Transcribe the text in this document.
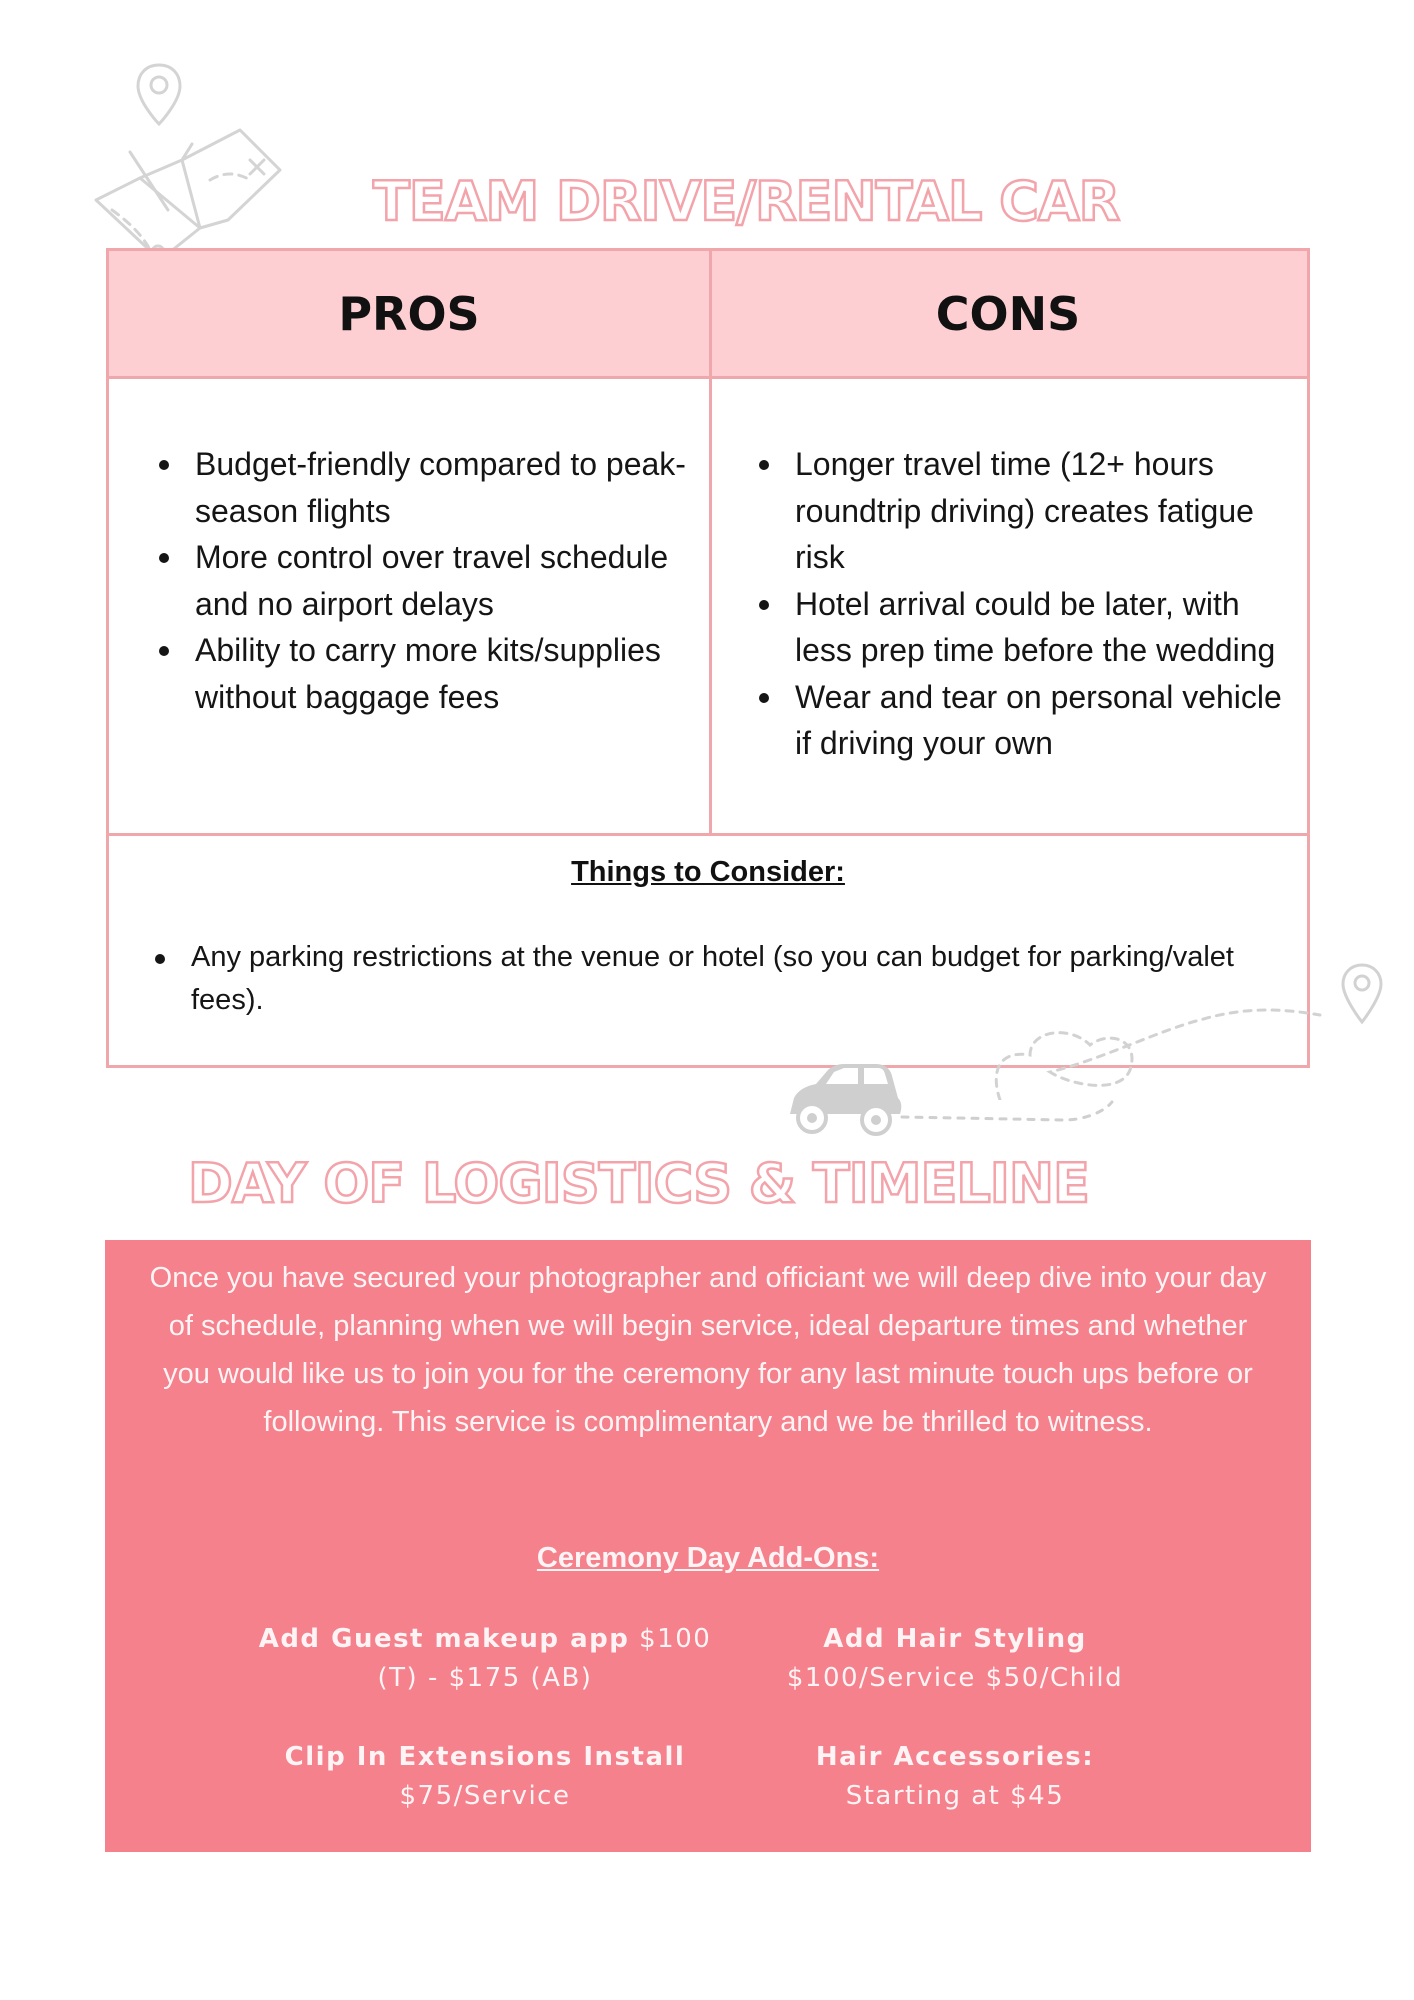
TEAM DRIVE/RENTAL CAR
PROS	CONS
Budget-friendly compared to peak-season flights
More control over travel schedule and no airport delays
Ability to carry more kits/supplies without baggage fees
Longer travel time (12+ hours roundtrip driving) creates fatigue risk
Hotel arrival could be later, with less prep time before the wedding
Wear and tear on personal vehicle if driving your own
Things to Consider:
Any parking restrictions at the venue or hotel (so you can budget for parking/valet fees).
DAY OF LOGISTICS & TIMELINE

Once you have secured your photographer and officiant we will deep dive into your day of schedule, planning when we will begin service, ideal departure times and whether you would like us to join you for the ceremony for any last minute touch ups before or following. This service is complimentary and we be thrilled to witness.

Ceremony Day Add-Ons:
Add Guest makeup app $100
(T) - $175 (AB)
Add Hair Styling
$100/Service $50/Child
Clip In Extensions Install
$75/Service
Hair Accessories:
Starting at $45
